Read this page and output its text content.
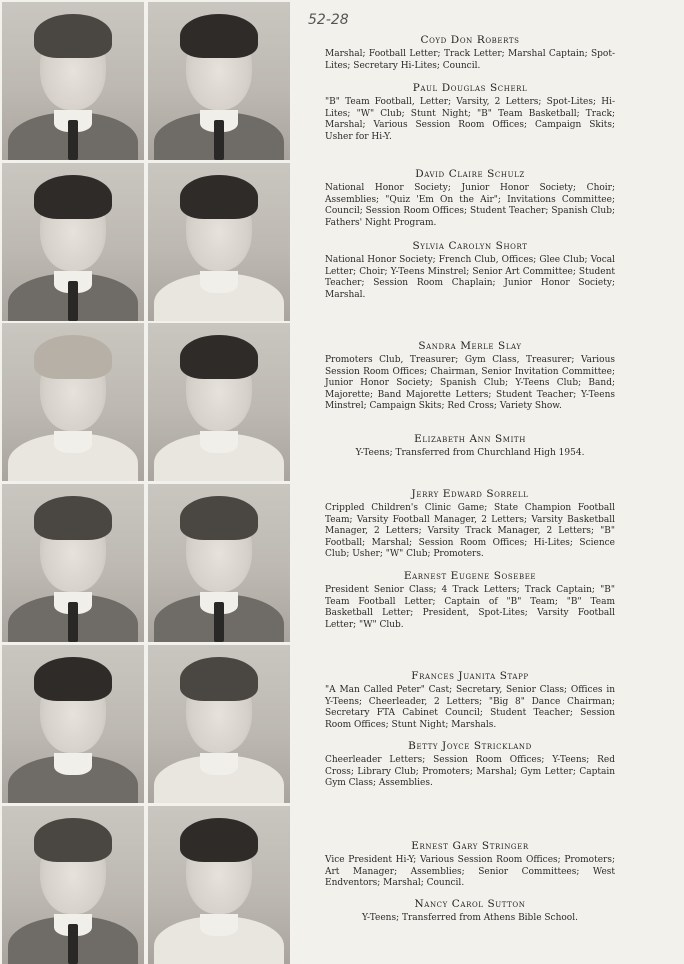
52-28
Coyd Don Roberts
Marshal; Football Letter; Track Letter; Marshal Captain; Spot-Lites; Secretary Hi-Lites; Council.
Paul Douglas Scherl
"B" Team Football, Letter; Varsity, 2 Letters; Spot-Lites; Hi-Lites; "W" Club; Stunt Night; "B" Team Basketball; Track; Marshal; Various Session Room Offices; Campaign Skits; Usher for Hi-Y.
David Claire Schulz
National Honor Society; Junior Honor Society; Choir; Assemblies; "Quiz 'Em On the Air"; Invitations Committee; Council; Session Room Offices; Student Teacher; Spanish Club; Fathers' Night Program.
Sylvia Carolyn Short
National Honor Society; French Club, Offices; Glee Club; Vocal Letter; Choir; Y-Teens Minstrel; Senior Art Committee; Student Teacher; Session Room Chaplain; Junior Honor Society; Marshal.
Sandra Merle Slay
Promoters Club, Treasurer; Gym Class, Treasurer; Various Session Room Offices; Chairman, Senior Invitation Committee; Junior Honor Society; Spanish Club; Y-Teens Club; Band; Majorette; Band Majorette Letters; Student Teacher; Y-Teens Minstrel; Campaign Skits; Red Cross; Variety Show.
Elizabeth Ann Smith
Y-Teens; Transferred from Churchland High 1954.
Jerry Edward Sorrell
Crippled Children's Clinic Game; State Champion Football Team; Varsity Football Manager, 2 Letters; Varsity Basketball Manager, 2 Letters; Varsity Track Manager, 2 Letters; "B" Football; Marshal; Session Room Offices; Hi-Lites; Science Club; Usher; "W" Club; Promoters.
Earnest Eugene Sosebee
President Senior Class; 4 Track Letters; Track Captain; "B" Team Football Letter; Captain of "B" Team; "B" Team Basketball Letter; President, Spot-Lites; Varsity Football Letter; "W" Club.
Frances Juanita Stapp
"A Man Called Peter" Cast; Secretary, Senior Class; Offices in Y-Teens; Cheerleader, 2 Letters; "Big 8" Dance Chairman; Secretary FTA Cabinet Council; Student Teacher; Session Room Offices; Stunt Night; Marshals.
Betty Joyce Strickland
Cheerleader Letters; Session Room Offices; Y-Teens; Red Cross; Library Club; Promoters; Marshal; Gym Letter; Captain Gym Class; Assemblies.
Ernest Gary Stringer
Vice President Hi-Y; Various Session Room Offices; Promoters; Art Manager; Assemblies; Senior Committees; West Endventors; Marshal; Council.
Nancy Carol Sutton
Y-Teens; Transferred from Athens Bible School.
